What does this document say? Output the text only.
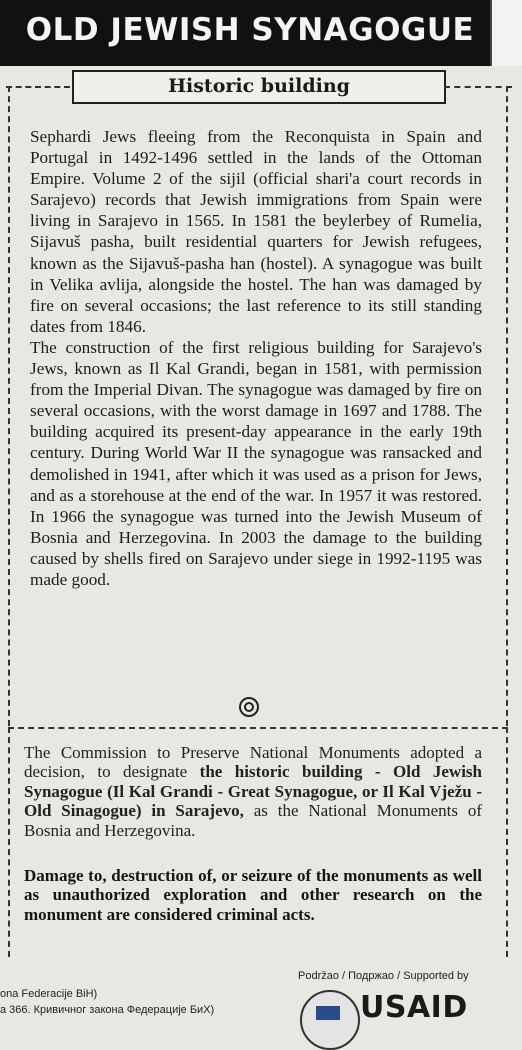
OLD JEWISH SYNAGOGUE
Historic building

Sephardi Jews fleeing from the Reconquista in Spain and Portugal in 1492-1496 settled in the lands of the Ottoman Empire. Volume 2 of the sijil (official shari'a court records in Sarajevo) records that Jewish immigrations from Spain were living in Sarajevo in 1565. In 1581 the beylerbey of Rumelia, Sijavuš pasha, built residential quarters for Jewish refugees, known as the Sijavuš-pasha han (hostel). A synagogue was built in Velika avlija, alongside the hostel. The han was damaged by fire on several occasions; the last reference to its still standing dates from 1846.

The construction of the first religious building for Sarajevo's Jews, known as Il Kal Grandi, began in 1581, with permission from the Imperial Divan. The synagogue was damaged by fire on several occasions, with the worst damage in 1697 and 1788. The building acquired its present-day appearance in the early 19th century. During World War II the synagogue was ransacked and demolished in 1941, after which it was used as a prison for Jews, and as a storehouse at the end of the war. In 1957 it was restored. In 1966 the synagogue was turned into the Jewish Museum of Bosnia and Herzegovina. In 2003 the damage to the building caused by shells fired on Sarajevo under siege in 1992-1195 was made good.

The Commission to Preserve National Monuments adopted a decision, to designate the historic building - Old Jewish Synagogue (Il Kal Grandi - Great Synagogue, or Il Kal Vježu - Old Sinagogue) in Sarajevo, as the National Monuments of Bosnia and Herzegovina.
Damage to, destruction of, or seizure of the monuments as well as unauthorized exploration and other research on the monument are considered criminal acts.
ona Federacije BiH)
a 366. Кривичног закона Федерације БиХ)
Podržao / Подржао / Supported by
USAID
